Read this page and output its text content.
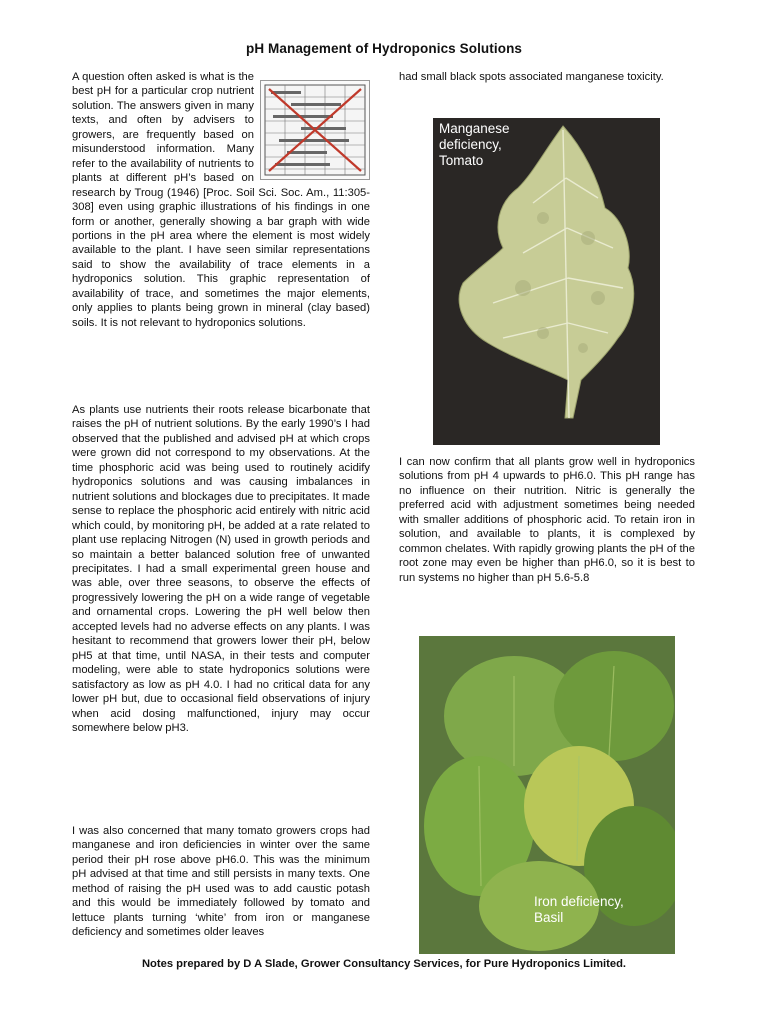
pH Management of Hydroponics Solutions

A question often asked is what is the best pH for a particular crop nutrient solution. The answers given in many texts, and often by advisers to growers, are frequently based on misunderstood information. Many refer to the availability of nutrients to plants at different pH’s based on research by Troug (1946) [Proc. Soil Sci. Soc. Am., 11:305-308] even using graphic illustrations of his findings in one form or another, generally showing a bar graph with wide portions in the pH area where the element is most widely available to the plant. I have seen similar representations said to show the availability of trace elements in a hydroponics solution. This graphic representation of availability of trace, and sometimes the major elements, only applies to plants being grown in mineral (clay based) soils. It is not relevant to hydroponics solutions.

As plants use nutrients their roots release bicarbonate that raises the pH of nutrient solutions. By the early 1990’s I had observed that the published and advised pH at which crops were grown did not correspond to my observations. At the time phosphoric acid was being used to routinely acidify hydroponics solutions and was causing imbalances in nutrient solutions and blockages due to precipitates. It made sense to replace the phosphoric acid entirely with nitric acid which could, by monitoring pH, be added at a rate related to plant use replacing Nitrogen (N) used in growth periods and so maintain a better balanced solution free of unwanted precipitates. I had a small experimental green house and was able, over three seasons, to observe the effects of progressively lowering the pH on a wide range of vegetable and ornamental crops. Lowering the pH well below then accepted levels had no adverse effects on any plants. I was hesitant to recommend that growers lower their pH, below pH5 at that time, until NASA, in their tests and computer modeling, were able to state hydroponics solutions were satisfactory as low as pH 4.0. I had no critical data for any lower pH but, due to occasional field observations of injury when acid dosing malfunctioned, injury may occur somewhere below pH3.

I was also concerned that many tomato growers crops had manganese and iron deficiencies in winter over the same period their pH rose above pH6.0. This was the minimum pH advised at that time and still persists in many texts. One method of raising the pH used was to add caustic potash and this would be immediately followed by tomato and lettuce plants turning ‘white’ from iron or manganese deficiency and sometimes older leaves

had small black spots associated manganese toxicity.

I can now confirm that all plants grow well in hydroponics solutions from pH 4 upwards to pH6.0. This pH range has no influence on their nutrition. Nitric is generally the preferred acid with adjustment sometimes being needed with smaller additions of phosphoric acid. To retain iron in solution, and available to plants, it is complexed by common chelates. With rapidly growing plants the pH of the root zone may even be higher than pH6.0, so it is best to run systems no higher than pH 5.6-5.8

Manganese
deficiency,
Tomato
Iron deficiency,
Basil
Notes prepared by D A Slade, Grower Consultancy Services, for Pure Hydroponics Limited.
